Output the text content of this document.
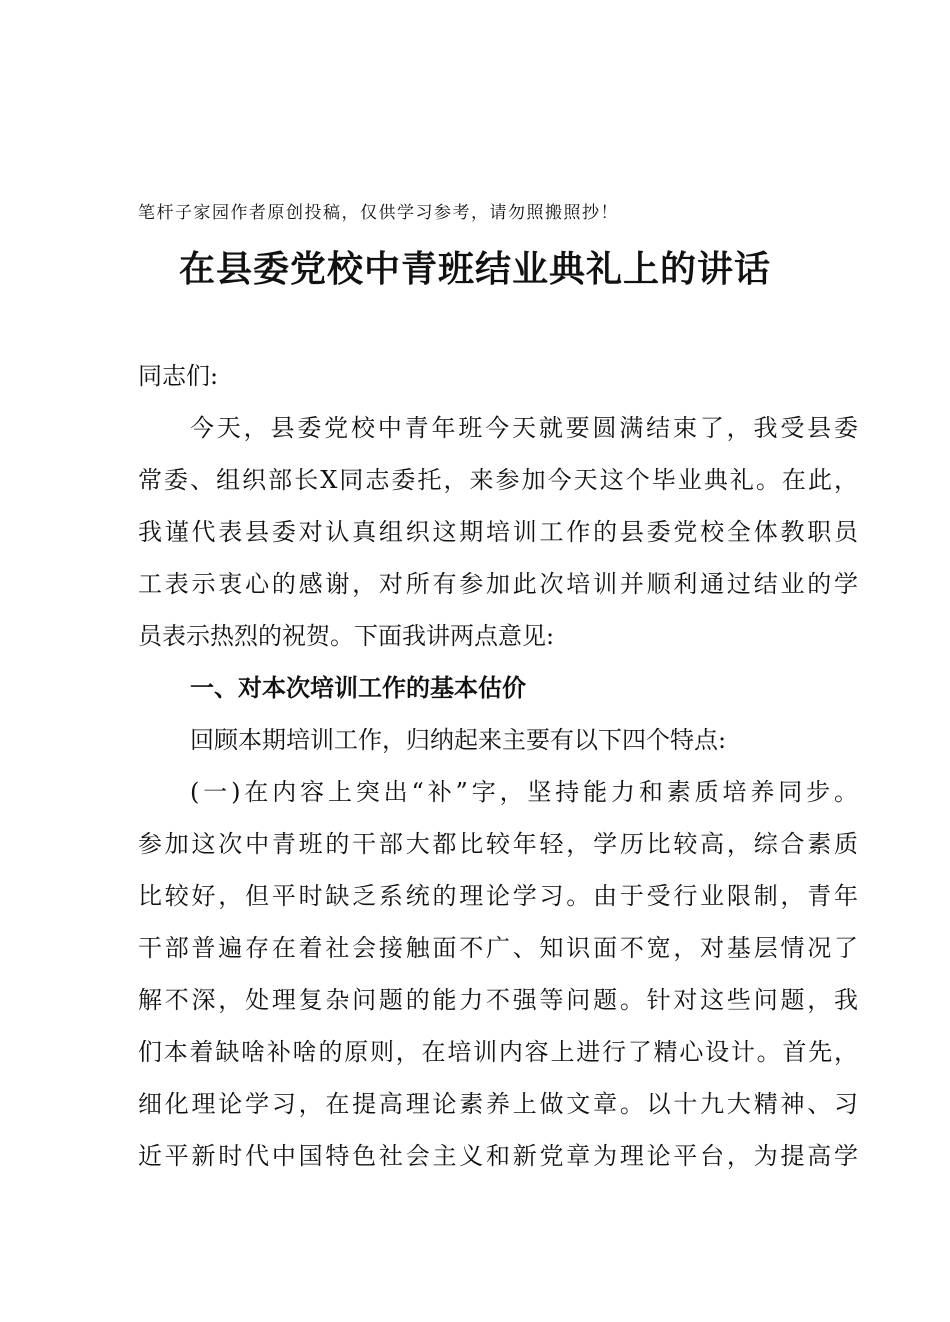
笔杆子家园作者原创投稿，仅供学习参考，请勿照搬照抄！
在县委党校中青班结业典礼上的讲话
同志们:
今天，县委党校中青年班今天就要圆满结束了，我受县委
常委、组织部长X同志委托，来参加今天这个毕业典礼。在此，
我谨代表县委对认真组织这期培训工作的县委党校全体教职员
工表示衷心的感谢，对所有参加此次培训并顺利通过结业的学
员表示热烈的祝贺。下面我讲两点意见:
一、对本次培训工作的基本估价
回顾本期培训工作，归纳起来主要有以下四个特点:
(一)在内容上突出“补”字，坚持能力和素质培养同步。
参加这次中青班的干部大都比较年轻，学历比较高，综合素质
比较好，但平时缺乏系统的理论学习。由于受行业限制，青年
干部普遍存在着社会接触面不广、知识面不宽，对基层情况了
解不深，处理复杂问题的能力不强等问题。针对这些问题，我
们本着缺啥补啥的原则，在培训内容上进行了精心设计。首先，
细化理论学习，在提高理论素养上做文章。以十九大精神、习
近平新时代中国特色社会主义和新党章为理论平台，为提高学
